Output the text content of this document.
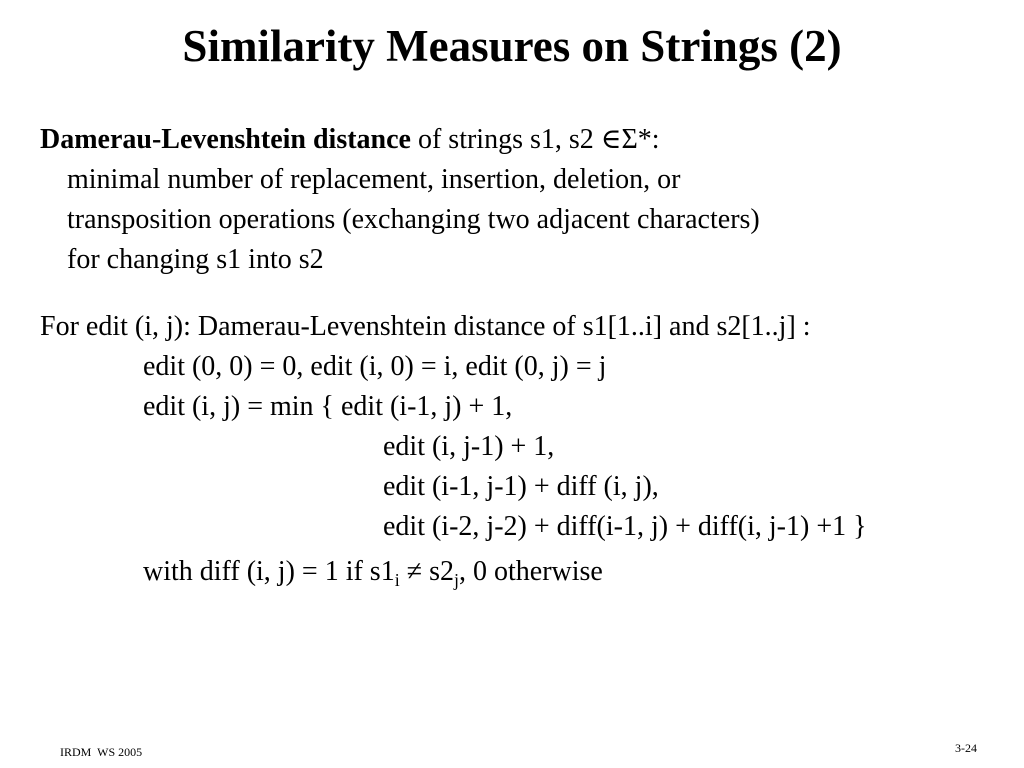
Similarity Measures on Strings (2)
Damerau-Levenshtein distance of strings s1, s2 ∈Σ*:
minimal number of replacement, insertion, deletion, or
transposition operations (exchanging two adjacent characters)
for changing s1 into s2
For edit (i, j): Damerau-Levenshtein distance of s1[1..i] and s2[1..j] :
edit (0, 0) = 0, edit (i, 0) = i, edit (0, j) = j
edit (i, j) = min { edit (i-1, j) + 1,
edit (i, j-1) + 1,
edit (i-1, j-1) + diff (i, j),
edit (i-2, j-2) + diff(i-1, j) + diff(i, j-1) +1 }
with diff (i, j) = 1 if $s1_i \ne s2_j$, 0 otherwise
IRDM  WS 2005	3-24
